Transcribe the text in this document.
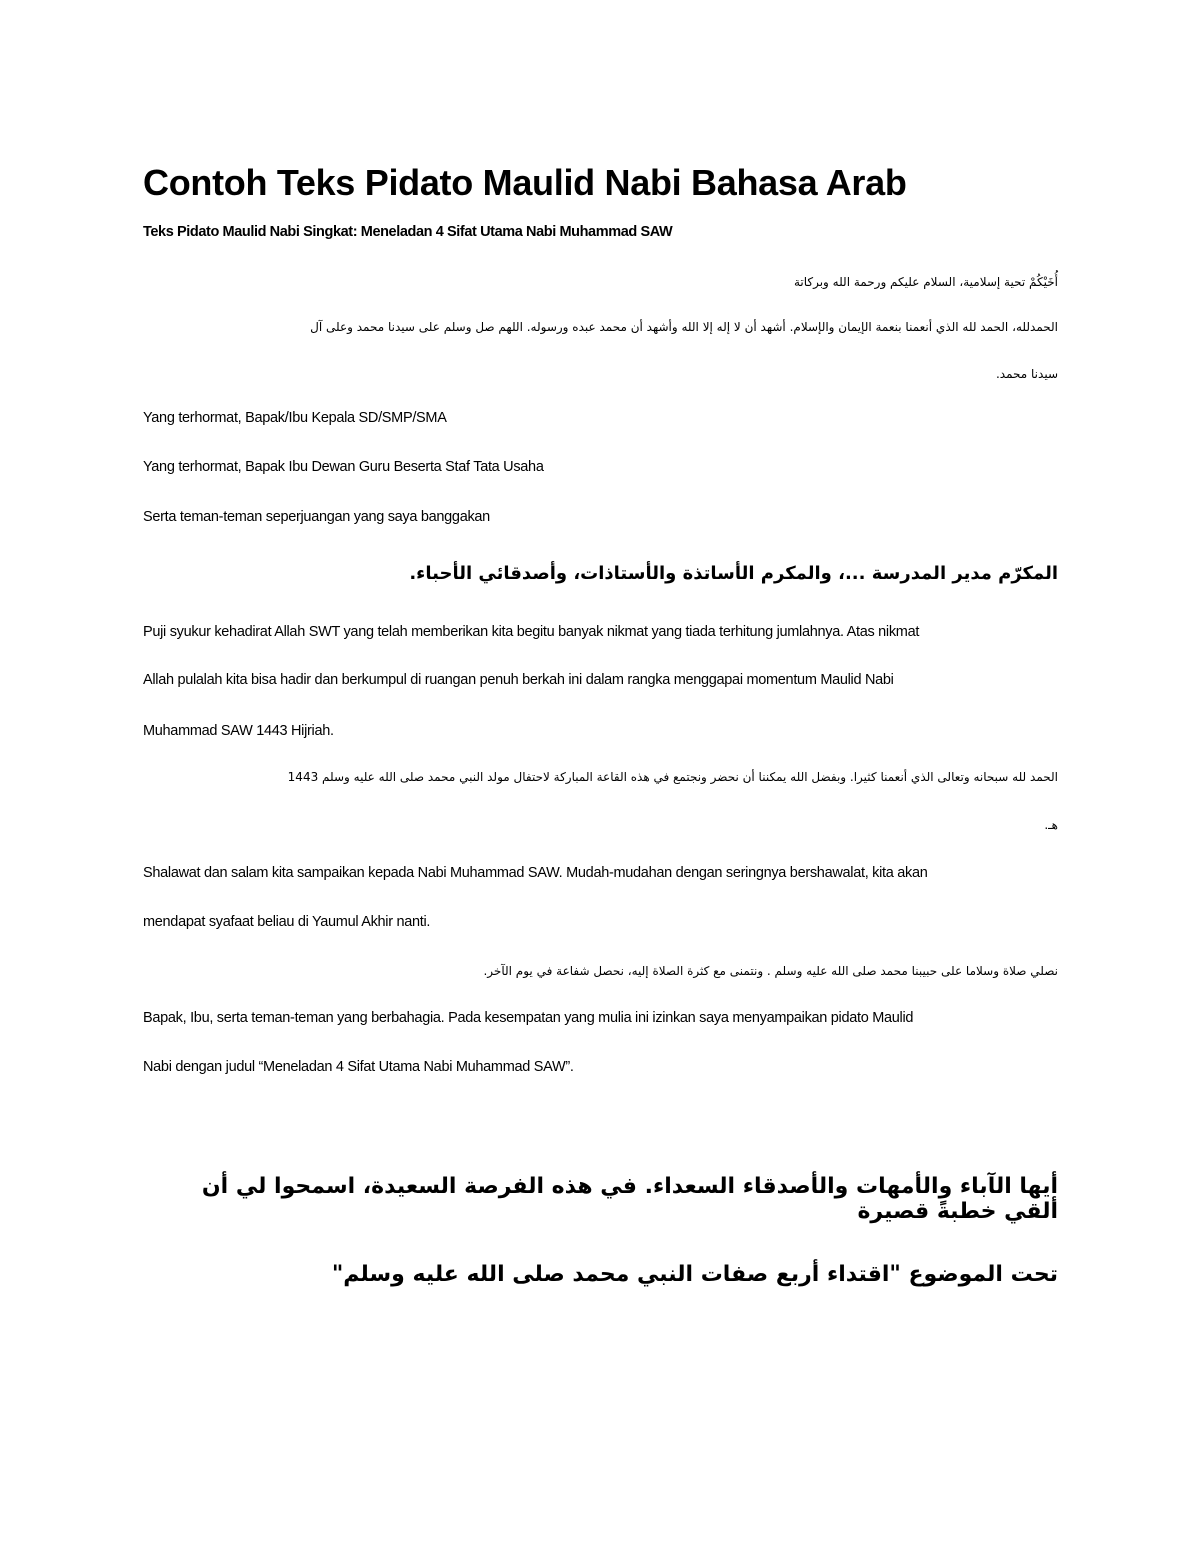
Contoh Teks Pidato Maulid Nabi Bahasa Arab
Teks Pidato Maulid Nabi Singkat: Meneladan 4 Sifat Utama Nabi Muhammad SAW
أُخَيْكُمْ تحية إسلامية، السلام عليكم ورحمة الله وبركاتة
الحمدلله، الحمد لله الذي أنعمنا بنعمة الإيمان والإسلام. أشهد أن لا إله إلا الله وأشهد أن محمد عبده ورسوله. اللهم صل وسلم على سيدنا محمد وعلى آل
سيدنا محمد.
Yang terhormat, Bapak/Ibu Kepala SD/SMP/SMA
Yang terhormat, Bapak Ibu Dewan Guru Beserta Staf Tata Usaha
Serta teman-teman seperjuangan yang saya banggakan
المكرّم مدير المدرسة ...، والمكرم الأساتذة والأستاذات، وأصدقائي الأحباء.
Puji syukur kehadirat Allah SWT yang telah memberikan kita begitu banyak nikmat yang tiada terhitung jumlahnya. Atas nikmat
Allah pulalah kita bisa hadir dan berkumpul di ruangan penuh berkah ini dalam rangka menggapai momentum Maulid Nabi
Muhammad SAW 1443 Hijriah.
الحمد لله سبحانه وتعالى الذي أنعمنا كثيرا. وبفضل الله يمكننا أن نحضر ونجتمع في هذه القاعة المباركة لاحتفال مولد النبي محمد صلى الله عليه وسلم 1443
هـ.
Shalawat dan salam kita sampaikan kepada Nabi Muhammad SAW. Mudah-mudahan dengan seringnya bershawalat, kita akan
mendapat syafaat beliau di Yaumul Akhir nanti.
نصلي صلاة وسلاما على حبيبنا محمد صلى الله عليه وسلم . ونتمنى مع كثرة الصلاة إليه، نحصل شفاعة في يوم الآخر.
Bapak, Ibu, serta teman-teman yang berbahagia. Pada kesempatan yang mulia ini izinkan saya menyampaikan pidato Maulid
Nabi dengan judul “Meneladan 4 Sifat Utama Nabi Muhammad SAW”.
أيها الآباء والأمهات والأصدقاء السعداء. في هذه الفرصة السعيدة، اسمحوا لي أن ألقي خطبةً قصيرة
تحت الموضوع "اقتداء أربع صفات النبي محمد صلى الله عليه وسلم"
